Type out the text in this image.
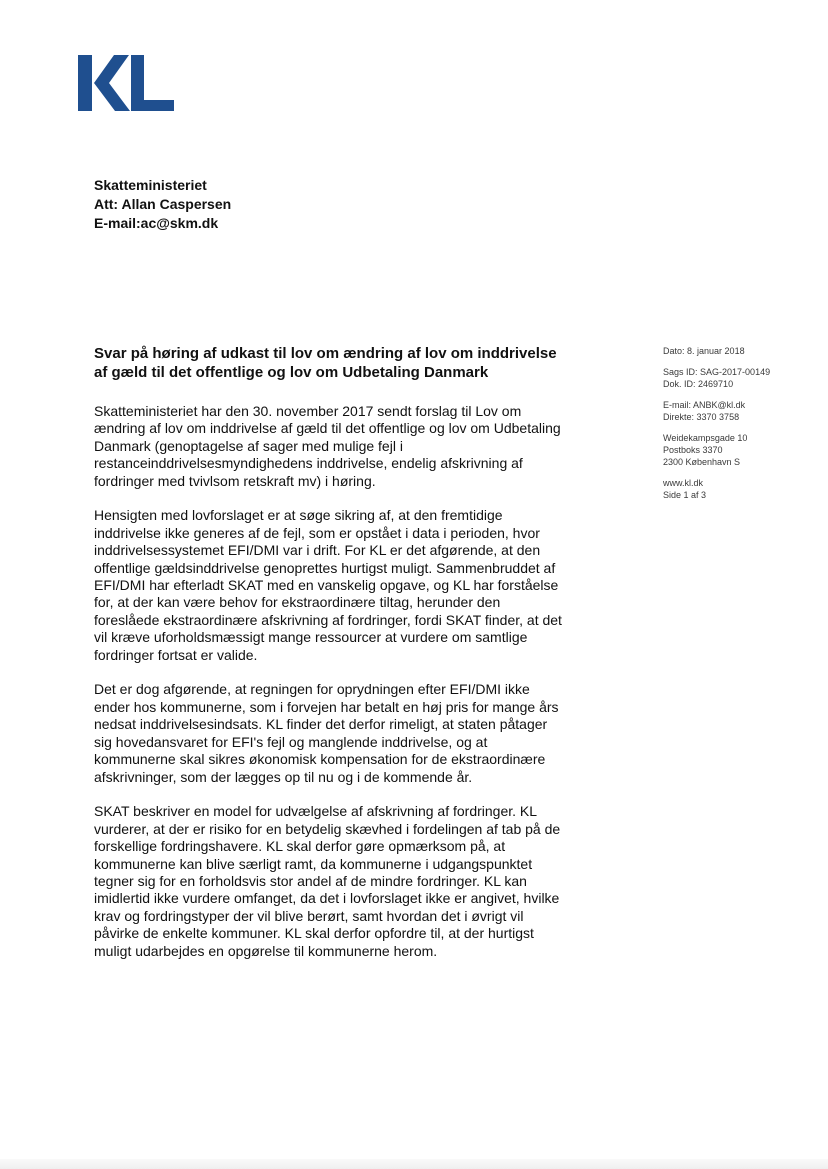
Skatteministeriet
Att: Allan Caspersen
E-mail:ac@skm.dk
Svar på høring af udkast til lov om ændring af lov om inddrivelse af gæld til det offentlige og lov om Udbetaling Danmark

Skatteministeriet har den 30. november 2017 sendt forslag til Lov om ændring af lov om inddrivelse af gæld til det offentlige og lov om Udbetaling Danmark (genoptagelse af sager med mulige fejl i restanceinddrivelsesmyndighedens inddrivelse, endelig afskrivning af fordringer med tvivlsom retskraft mv) i høring.

Hensigten med lovforslaget er at søge sikring af, at den fremtidige inddrivelse ikke generes af de fejl, som er opstået i data i perioden, hvor inddrivelsessystemet EFI/DMI var i drift. For KL er det afgørende, at den offentlige gældsinddrivelse genoprettes hurtigst muligt. Sammenbruddet af EFI/DMI har efterladt SKAT med en vanskelig opgave, og KL har forståelse for, at der kan være behov for ekstraordinære tiltag, herunder den foreslåede ekstraordinære afskrivning af fordringer, fordi SKAT finder, at det vil kræve uforholdsmæssigt mange ressourcer at vurdere om samtlige fordringer fortsat er valide.

Det er dog afgørende, at regningen for oprydningen efter EFI/DMI ikke ender hos kommunerne, som i forvejen har betalt en høj pris for mange års nedsat inddrivelsesindsats. KL finder det derfor rimeligt, at staten påtager sig hovedansvaret for EFI's fejl og manglende inddrivelse, og at kommunerne skal sikres økonomisk kompensation for de ekstraordinære afskrivninger, som der lægges op til nu og i de kommende år.

SKAT beskriver en model for udvælgelse af afskrivning af fordringer. KL vurderer, at der er risiko for en betydelig skævhed i fordelingen af tab på de forskellige fordringshavere. KL skal derfor gøre opmærksom på, at kommunerne kan blive særligt ramt, da kommunerne i udgangspunktet tegner sig for en forholdsvis stor andel af de mindre fordringer. KL kan imidlertid ikke vurdere omfanget, da det i lovforslaget ikke er angivet, hvilke krav og fordringstyper der vil blive berørt, samt hvordan det i øvrigt vil påvirke de enkelte kommuner. KL skal derfor opfordre til, at der hurtigst muligt udarbejdes en opgørelse til kommunerne herom.

Dato: 8. januar 2018
Sags ID: SAG-2017-00149
Dok. ID: 2469710
E-mail: ANBK@kl.dk
Direkte: 3370 3758
Weidekampsgade 10
Postboks 3370
2300 København S
www.kl.dk
Side 1 af 3
